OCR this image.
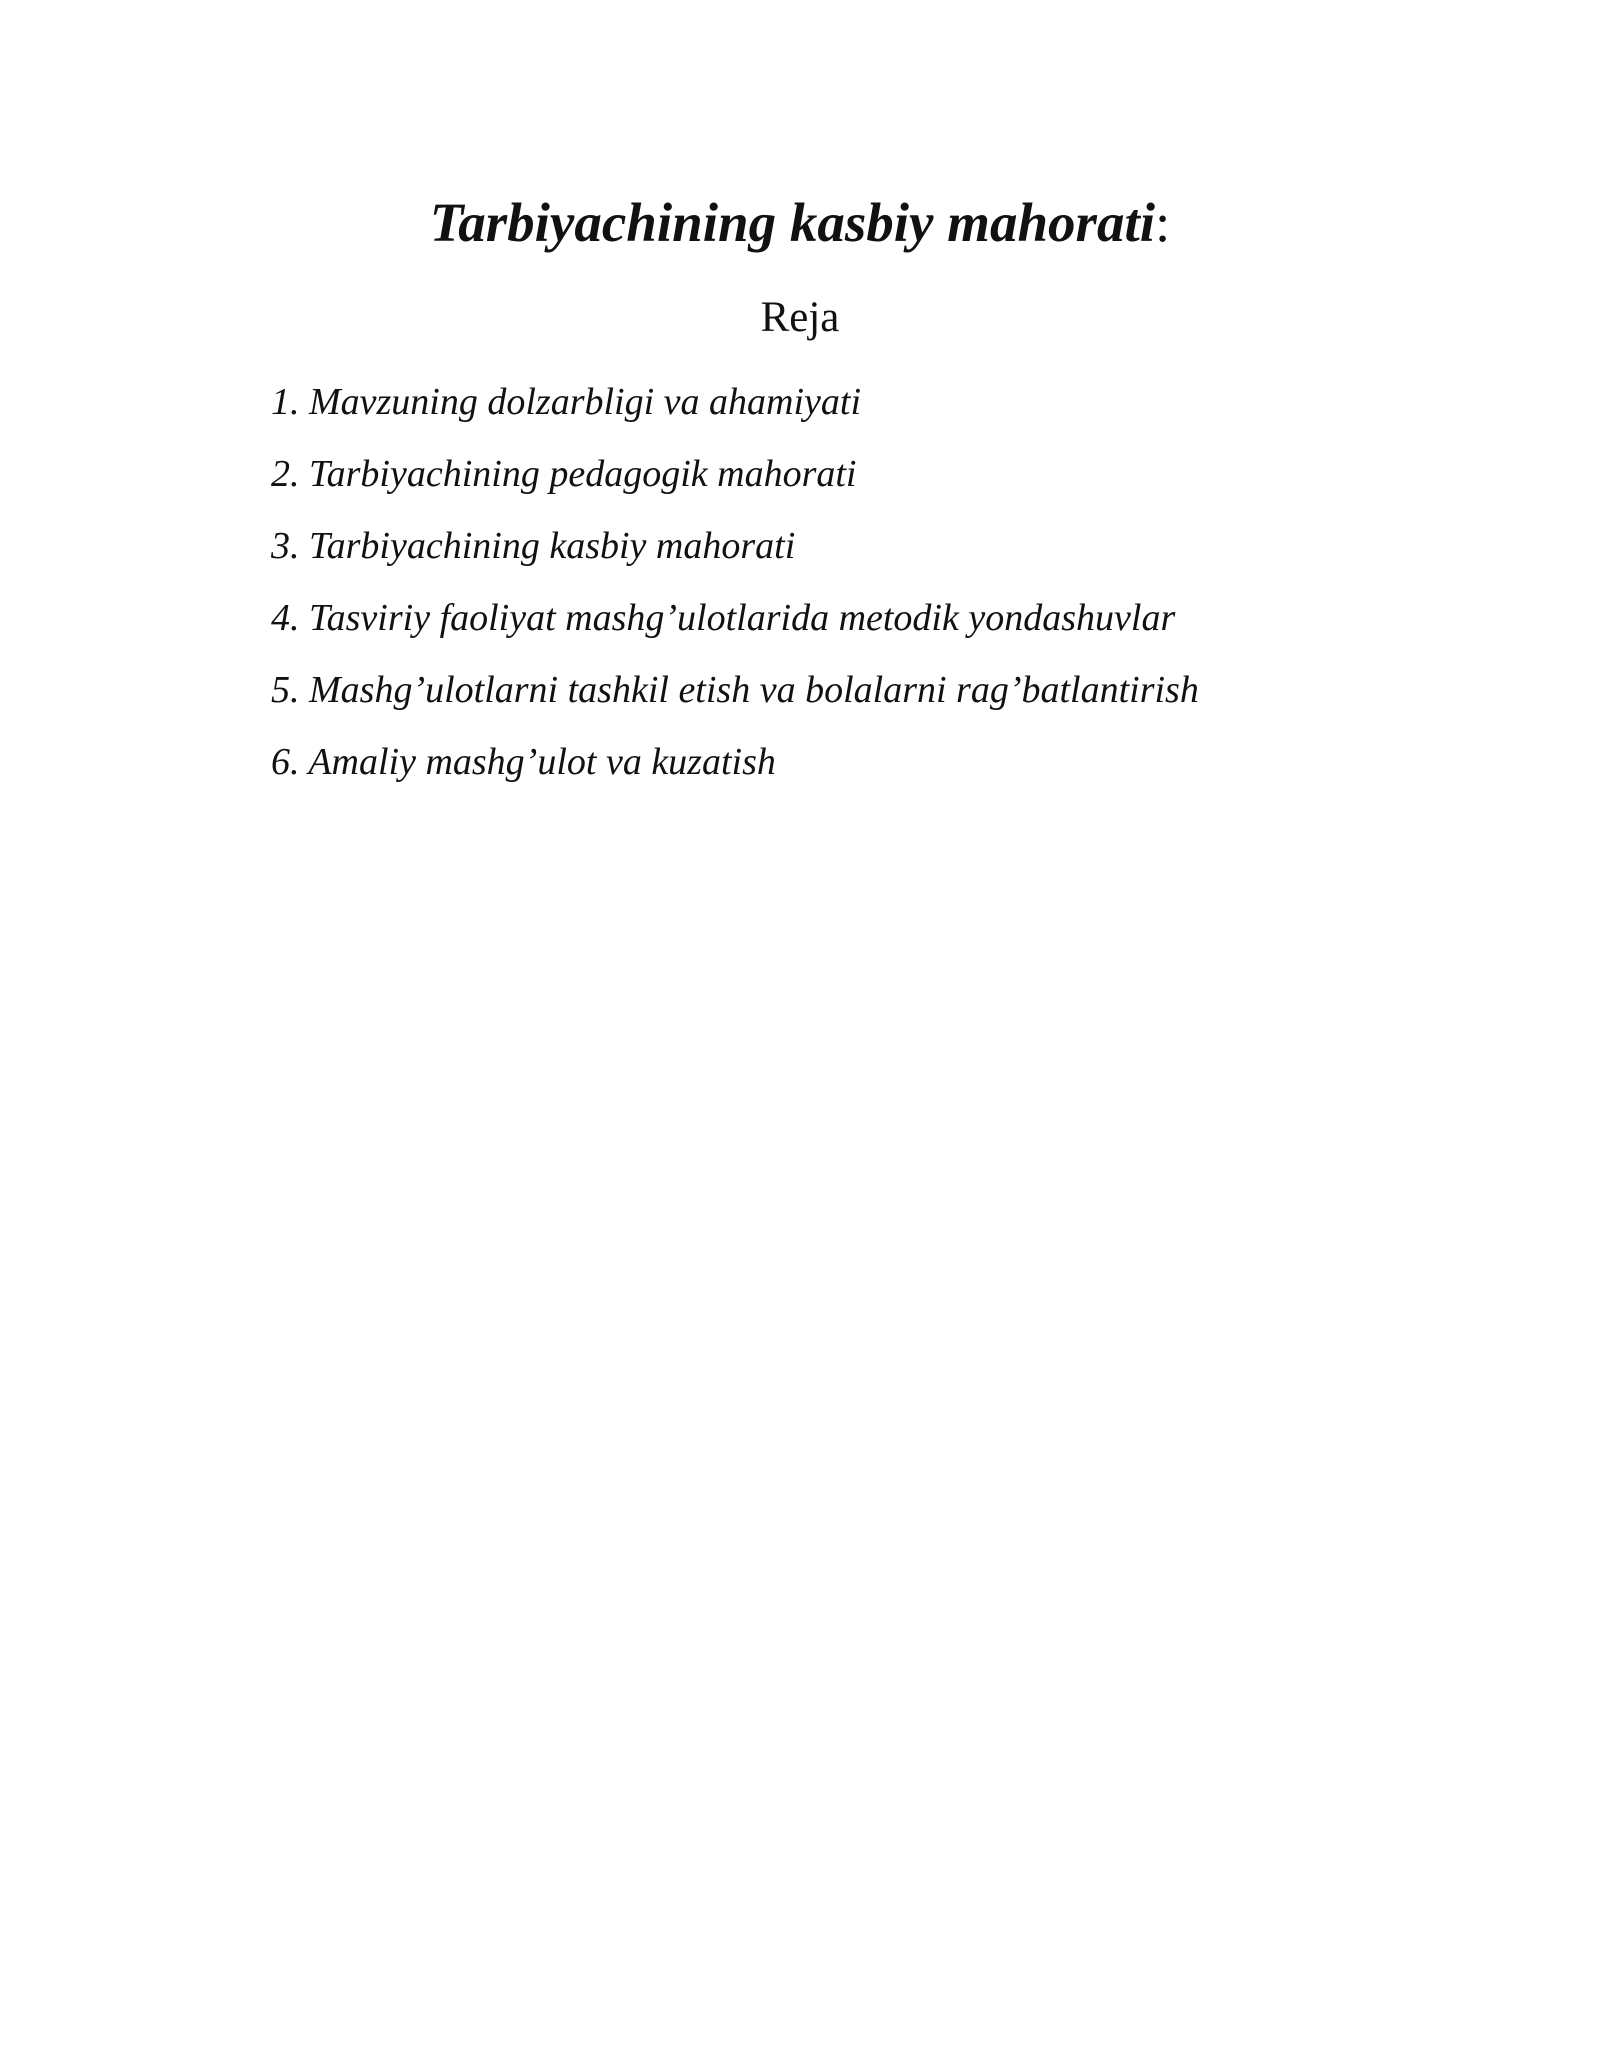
Tarbiyachining kasbiy mahorati:
Reja
1. Mavzuning dolzarbligi va ahamiyati
2. Tarbiyachining pedagogik mahorati
3. Tarbiyachining kasbiy mahorati
4. Tasviriy faoliyat mashg’ulotlarida metodik yondashuvlar
5. Mashg’ulotlarni tashkil etish va bolalarni rag’batlantirish
6. Amaliy mashg’ulot va kuzatish
